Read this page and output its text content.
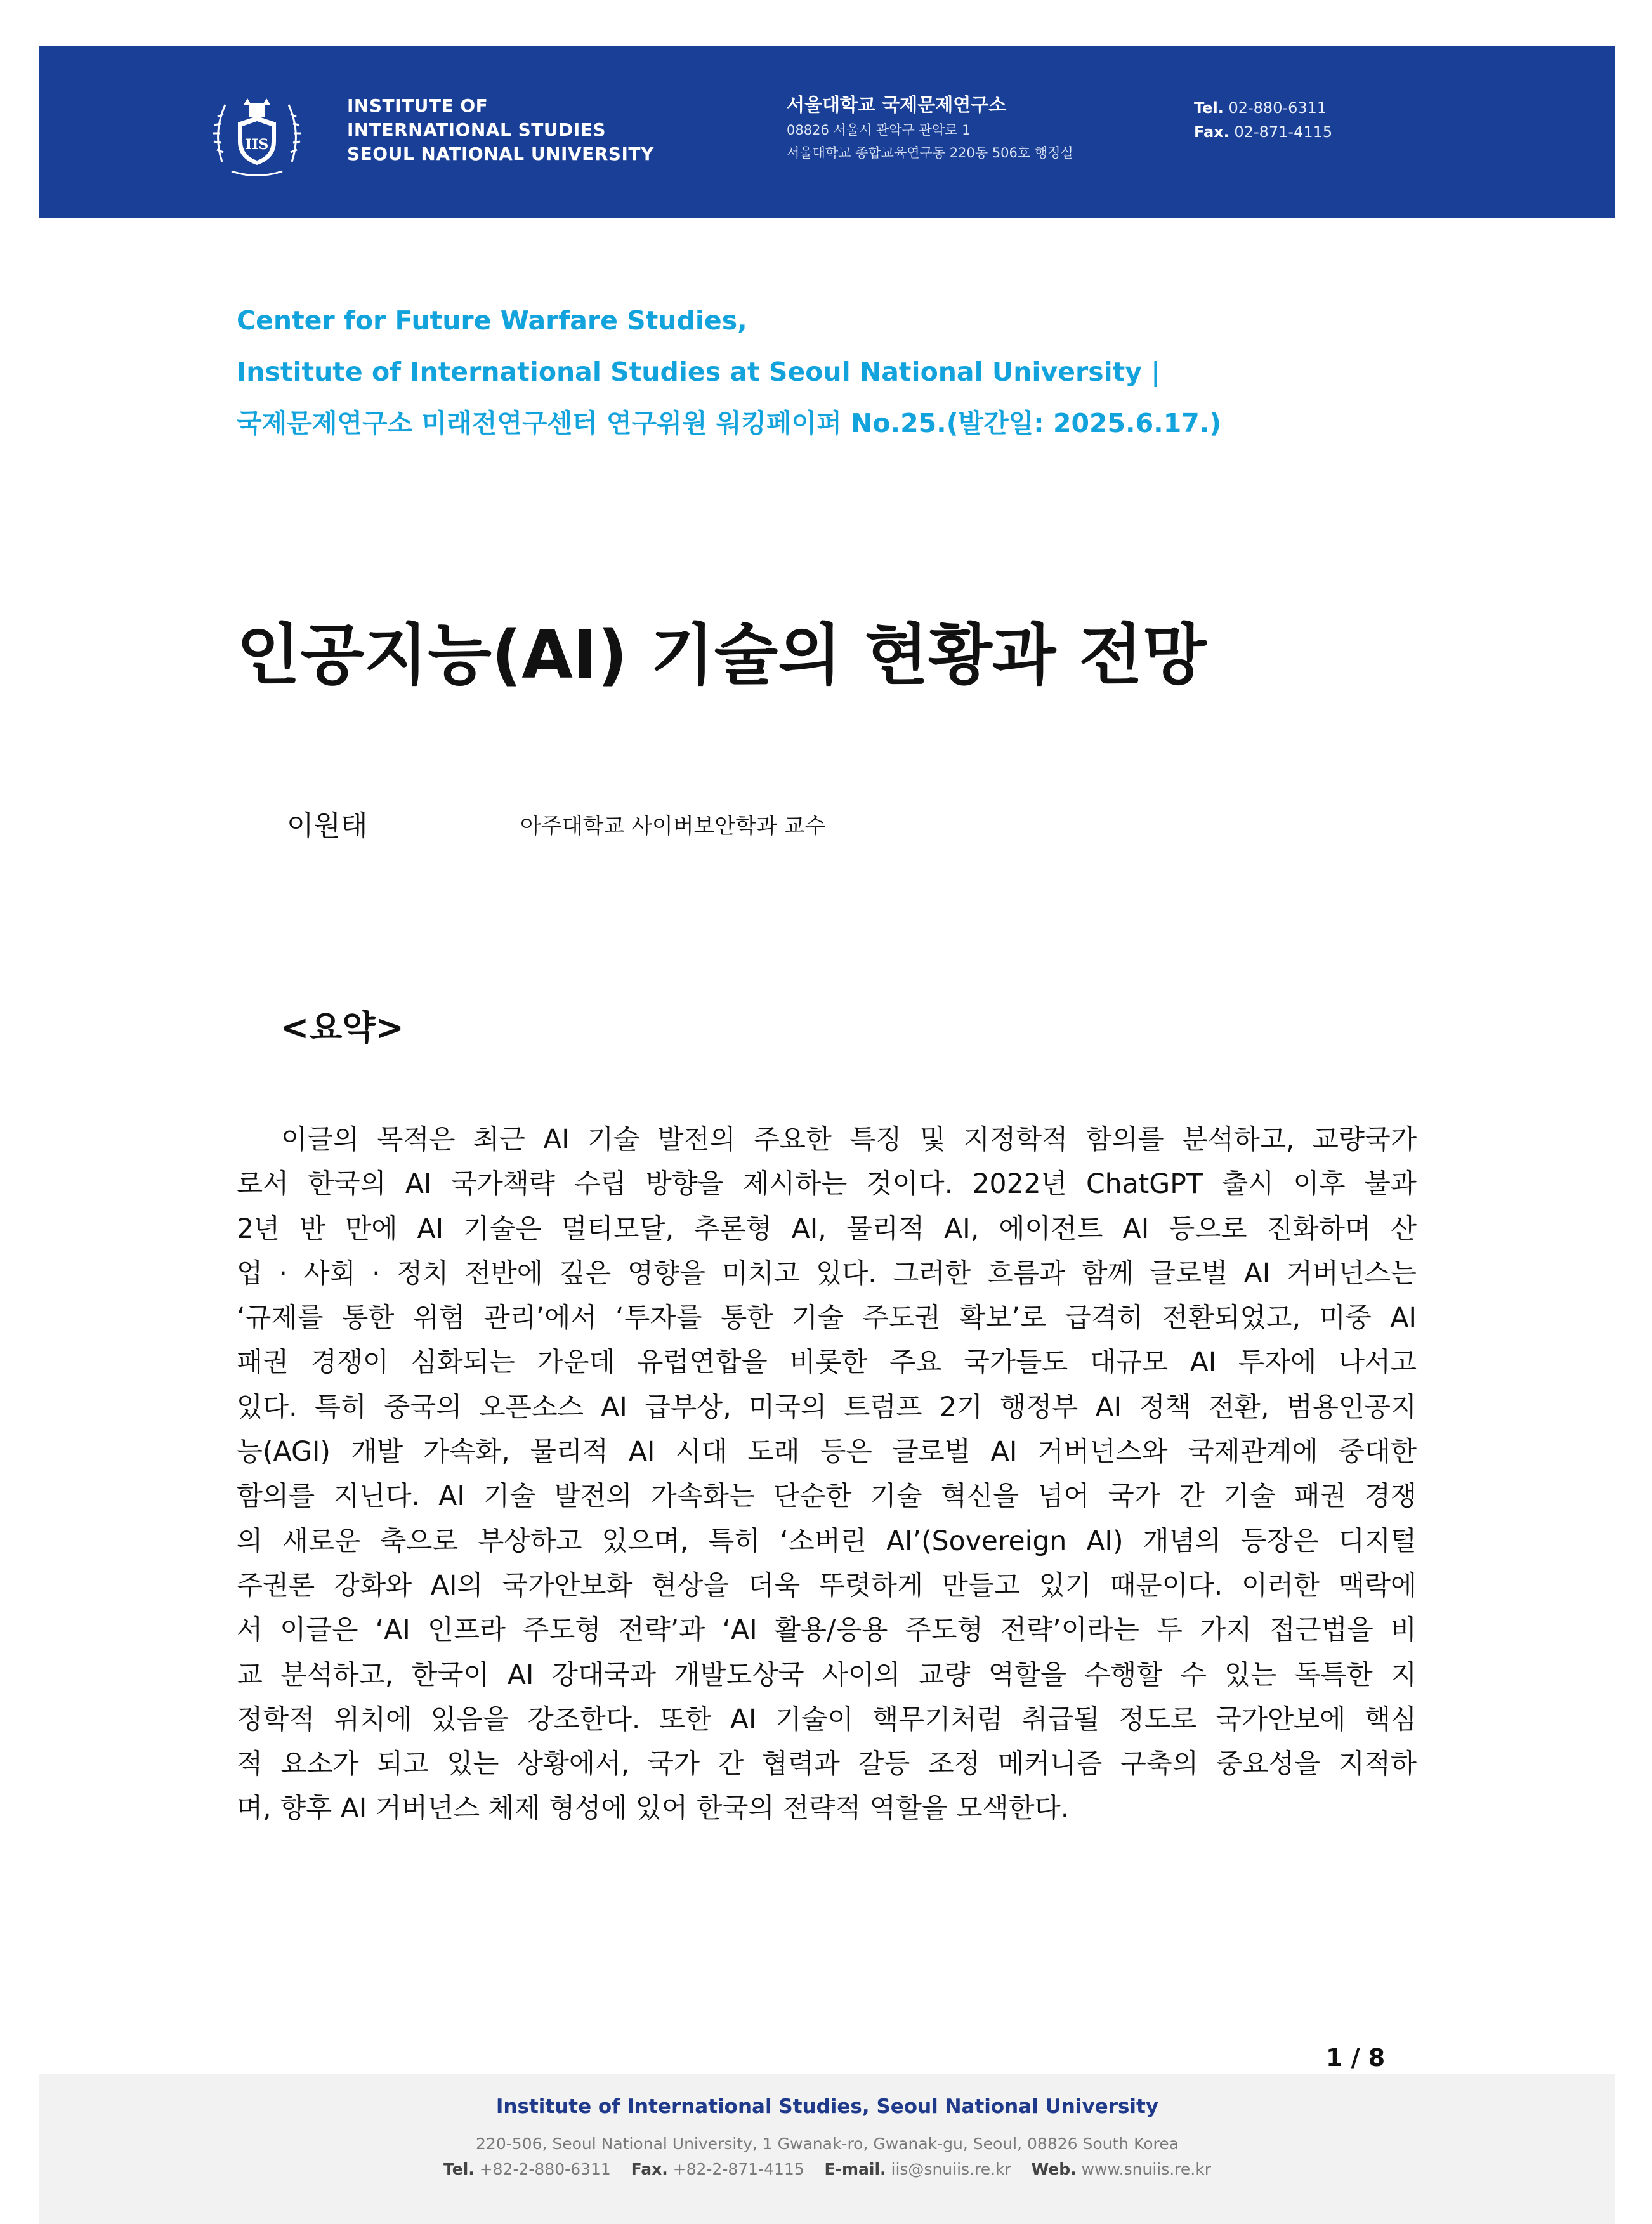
IIS
INSTITUTE OF
INTERNATIONAL STUDIES
SEOUL NATIONAL UNIVERSITY
서울대학교 국제문제연구소
08826 서울시 관악구 관악로 1
서울대학교 종합교육연구동 220동 506호 행정실
Tel. 02-880-6311
Fax. 02-871-4115
Center for Future Warfare Studies,
Institute of International Studies at Seoul National University |
국제문제연구소 미래전연구센터 연구위원 워킹페이퍼 No.25.(발간일: 2025.6.17.)
인공지능(AI) 기술의 현황과 전망
이원태	아주대학교 사이버보안학과 교수
<요약>
이글의 목적은 최근 AI 기술 발전의 주요한 특징 및 지정학적 함의를 분석하고, 교량국가
로서 한국의 AI 국가책략 수립 방향을 제시하는 것이다. 2022년 ChatGPT 출시 이후 불과
2년 반 만에 AI 기술은 멀티모달, 추론형 AI, 물리적 AI, 에이전트 AI 등으로 진화하며 산
업 · 사회 · 정치 전반에 깊은 영향을 미치고 있다. 그러한 흐름과 함께 글로벌 AI 거버넌스는
‘규제를 통한 위험 관리’에서 ‘투자를 통한 기술 주도권 확보’로 급격히 전환되었고, 미중 AI
패권 경쟁이 심화되는 가운데 유럽연합을 비롯한 주요 국가들도 대규모 AI 투자에 나서고
있다. 특히 중국의 오픈소스 AI 급부상, 미국의 트럼프 2기 행정부 AI 정책 전환, 범용인공지
능(AGI) 개발 가속화, 물리적 AI 시대 도래 등은 글로벌 AI 거버넌스와 국제관계에 중대한
함의를 지닌다. AI 기술 발전의 가속화는 단순한 기술 혁신을 넘어 국가 간 기술 패권 경쟁
의 새로운 축으로 부상하고 있으며, 특히 ‘소버린 AI’(Sovereign AI) 개념의 등장은 디지털
주권론 강화와 AI의 국가안보화 현상을 더욱 뚜렷하게 만들고 있기 때문이다. 이러한 맥락에
서 이글은 ‘AI 인프라 주도형 전략’과 ‘AI 활용/응용 주도형 전략’이라는 두 가지 접근법을 비
교 분석하고, 한국이 AI 강대국과 개발도상국 사이의 교량 역할을 수행할 수 있는 독특한 지
정학적 위치에 있음을 강조한다. 또한 AI 기술이 핵무기처럼 취급될 정도로 국가안보에 핵심
적 요소가 되고 있는 상황에서, 국가 간 협력과 갈등 조정 메커니즘 구축의 중요성을 지적하
며, 향후 AI 거버넌스 체제 형성에 있어 한국의 전략적 역할을 모색한다.
1 / 8
Institute of International Studies, Seoul National University
220-506, Seoul National University, 1 Gwanak-ro, Gwanak-gu, Seoul, 08826 South Korea
Tel. +82-2-880-6311 Fax. +82-2-871-4115 E-mail. iis@snuiis.re.kr Web. www.snuiis.re.kr
